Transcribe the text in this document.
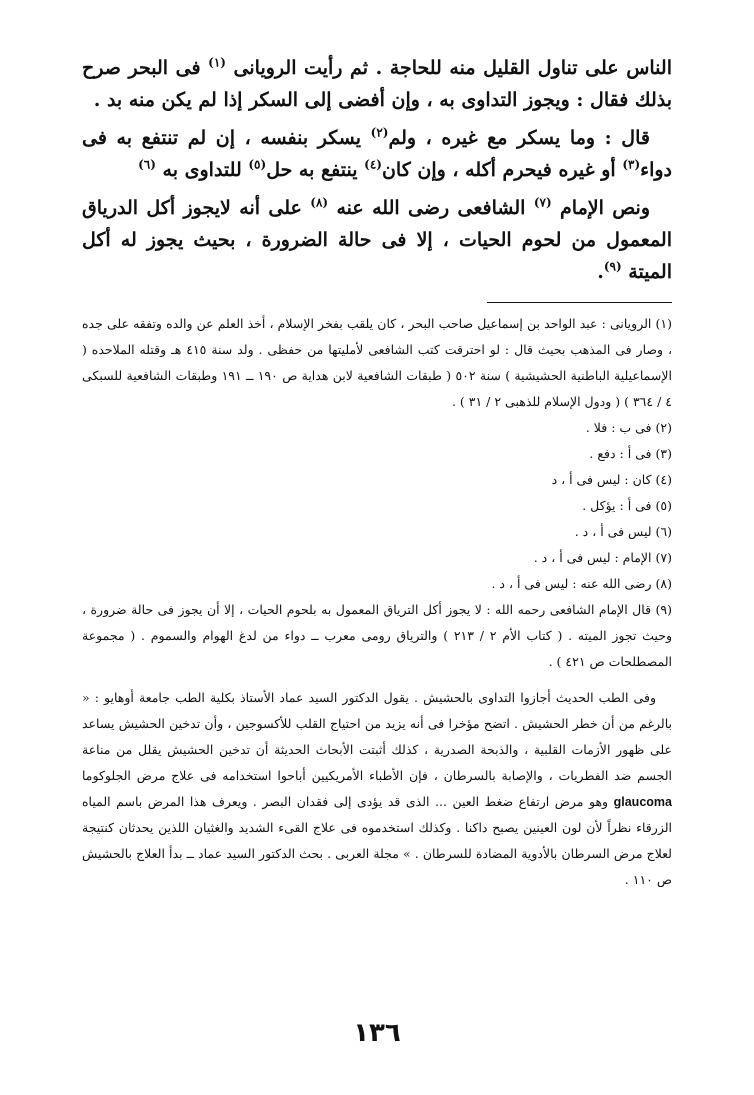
الناس على تناول القليل منه للحاجة . ثم رأيت الرويانى $^{(١)}$ فى البحر صرح بذلك فقال : ويجوز التداوى به ، وإن أفضى إلى السكر إذا لم يكن منه بد .

قال : وما يسكر مع غيره ، ولم$^{(٢)}$ يسكر بنفسه ، إن لم تنتفع به فى دواء$^{(٣)}$ أو غيره فيحرم أكله ، وإن كان$^{(٤)}$ ينتفع به حل$^{(٥)}$ للتداوى به $^{(٦)}$

ونص الإمام $^{(٧)}$ الشافعى رضى الله عنه $^{(٨)}$ على أنه لايجوز أكل الدرياق المعمول من لحوم الحيات ، إلا فى حالة الضرورة ، بحيث يجوز له أكل الميتة $^{(٩)}$.

(١) الرويانى : عبد الواحد بن إسماعيل صاحب البحر ، كان يلقب بفخر الإسلام ، أخذ العلم عن والده وتفقه على جده ، وصار فى المذهب بحيث قال : لو احترقت كتب الشافعى لأمليتها من حفظى . ولد سنة ٤١٥ هـ وقتله الملاحده ( الإسماعيلية الباطنية الحشيشية ) سنة ٥٠٢ ( طبقات الشافعية لابن هداية ص ١٩٠ ــ ١٩١ وطبقات الشافعية للسبكى ٤ / ٣٦٤ ) ( ودول الإسلام للذهبى ٢ / ٣١ ) .

(٢) فى ب : فلا .

(٣) فى أ : دفع .

(٤) كان : ليس فى أ ، د

(٥) فى أ : يؤكل .

(٦) ليس فى أ ، د .

(٧) الإمام : ليس فى أ ، د .

(٨) رضى الله عنه : ليس فى أ ، د .

(٩) قال الإمام الشافعى رحمه الله : لا يجوز أكل الترياق المعمول به بلحوم الحيات ، إلا أن يجوز فى حالة ضرورة ، وحيث تجوز الميته . ( كتاب الأم ٢ / ٢١٣ ) والترياق رومى معرب ــ دواء من لدغ الهوام والسموم . ( مجموعة المصطلحات ص ٤٢١ ) .

وفى الطب الحديث أجازوا التداوى بالحشيش . يقول الدكتور السيد عماد الأستاذ بكلية الطب جامعة أوهايو : « بالرغم من أن خطر الحشيش . اتضح مؤخرا فى أنه يزيد من احتياج القلب للأكسوجين ، وأن تدخين الحشيش يساعد على ظهور الأزمات القلبية ، والذبحة الصدرية ، كذلك أثبتت الأبحاث الحديثة أن تدخين الحشيش يقلل من مناعة الجسم ضد الفطريات ، والإصابة بالسرطان ، فإن الأطباء الأمريكيين أباحوا استخدامه فى علاج مرض الجلوكوما glaucoma وهو مرض ارتفاع ضغط العين ... الذى قد يؤدى إلى فقدان البصر . ويعرف هذا المرض باسم المياه الزرقاء نظراً لأن لون العينين يصبح داكنا . وكذلك استخدموه فى علاج القىء الشديد والغثيان اللذين يحدثان كنتيجة لعلاج مرض السرطان بالأدوية المضادة للسرطان . » مجلة العربى . بحث الدكتور السيد عماد ــ بدأ العلاج بالحشيش ص ١١٠ .

١٣٦
